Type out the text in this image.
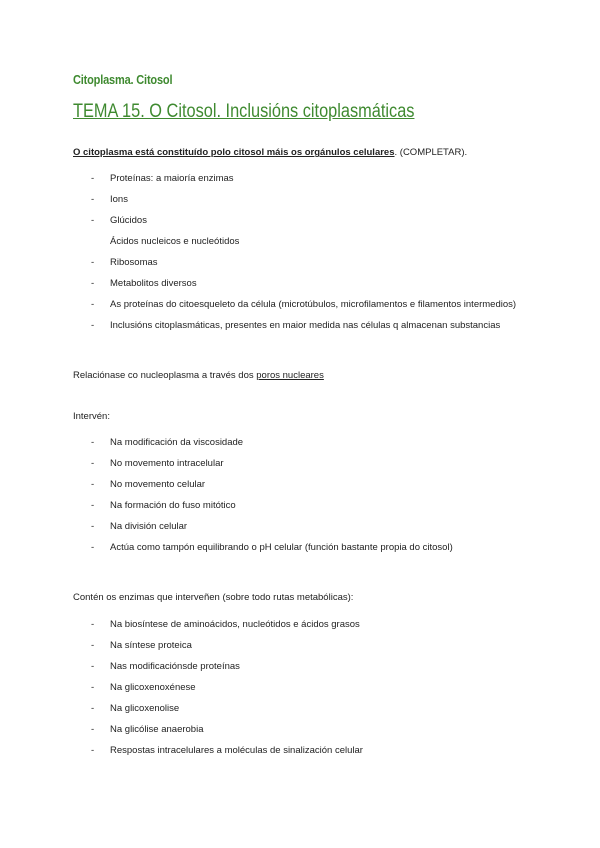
Citoplasma. Citosol
TEMA 15. O Citosol. Inclusións citoplasmáticas
O citoplasma está constituído polo citosol máis os orgánulos celulares. (COMPLETAR).
- Proteínas: a maioría enzimas
- Ions
- Glúcidos
Ácidos nucleicos e nucleótidos
- Ribosomas
- Metabolitos diversos
- As proteínas do citoesqueleto da célula (microtúbulos, microfilamentos e filamentos intermedios)
- Inclusións citoplasmáticas, presentes en maior medida nas células q almacenan substancias
Relaciónase co nucleoplasma a través dos poros nucleares
Intervén:
- Na modificación da viscosidade
- No movemento intracelular
- No movemento celular
- Na formación do fuso mitótico
- Na división celular
- Actúa como tampón equilibrando o pH celular (función bastante propia do citosol)
Contén os enzimas que interveñen (sobre todo rutas metabólicas):
- Na biosíntese de aminoácidos, nucleótidos e ácidos grasos
- Na síntese proteica
- Nas modificaciónsde proteínas
- Na glicoxenoxénese
- Na glicoxenolise
- Na glicólise anaerobia
- Respostas intracelulares a moléculas de sinalización celular
